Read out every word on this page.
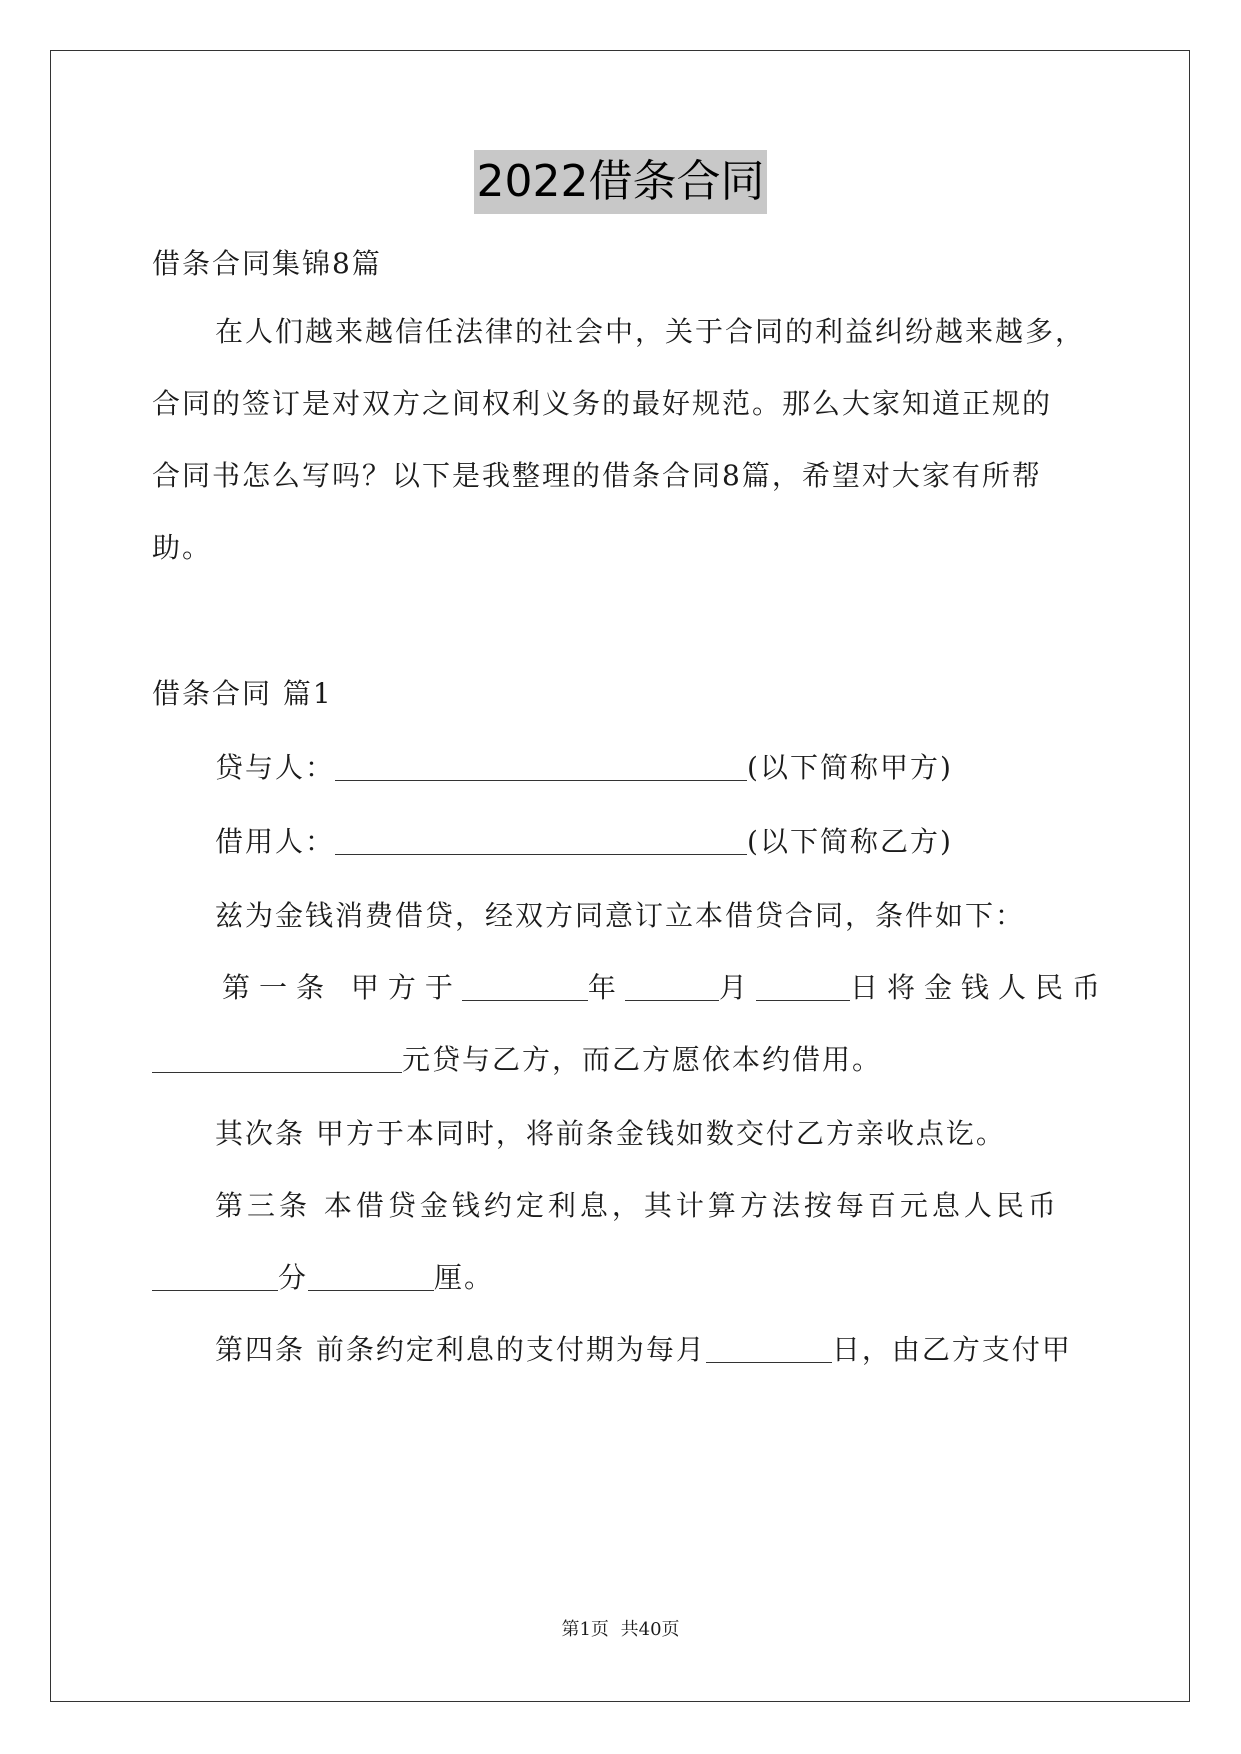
2022借条合同
借条合同集锦8篇
在人们越来越信任法律的社会中，关于合同的利益纠纷越来越多，
合同的签订是对双方之间权利义务的最好规范。那么大家知道正规的
合同书怎么写吗？以下是我整理的借条合同8篇，希望对大家有所帮
助。
借条合同 篇1
贷与人：	(以下简称甲方)
借用人：	(以下简称乙方)
兹为金钱消费借贷，经双方同意订立本借贷合同，条件如下：
第一条 甲方于	年	月	日将金钱人民币
元贷与乙方，而乙方愿依本约借用。
其次条 甲方于本同时，将前条金钱如数交付乙方亲收点讫。
第三条 本借贷金钱约定利息，其计算方法按每百元息人民币
分	厘。
第四条 前条约定利息的支付期为每月	日，由乙方支付甲
第1页 共40页
